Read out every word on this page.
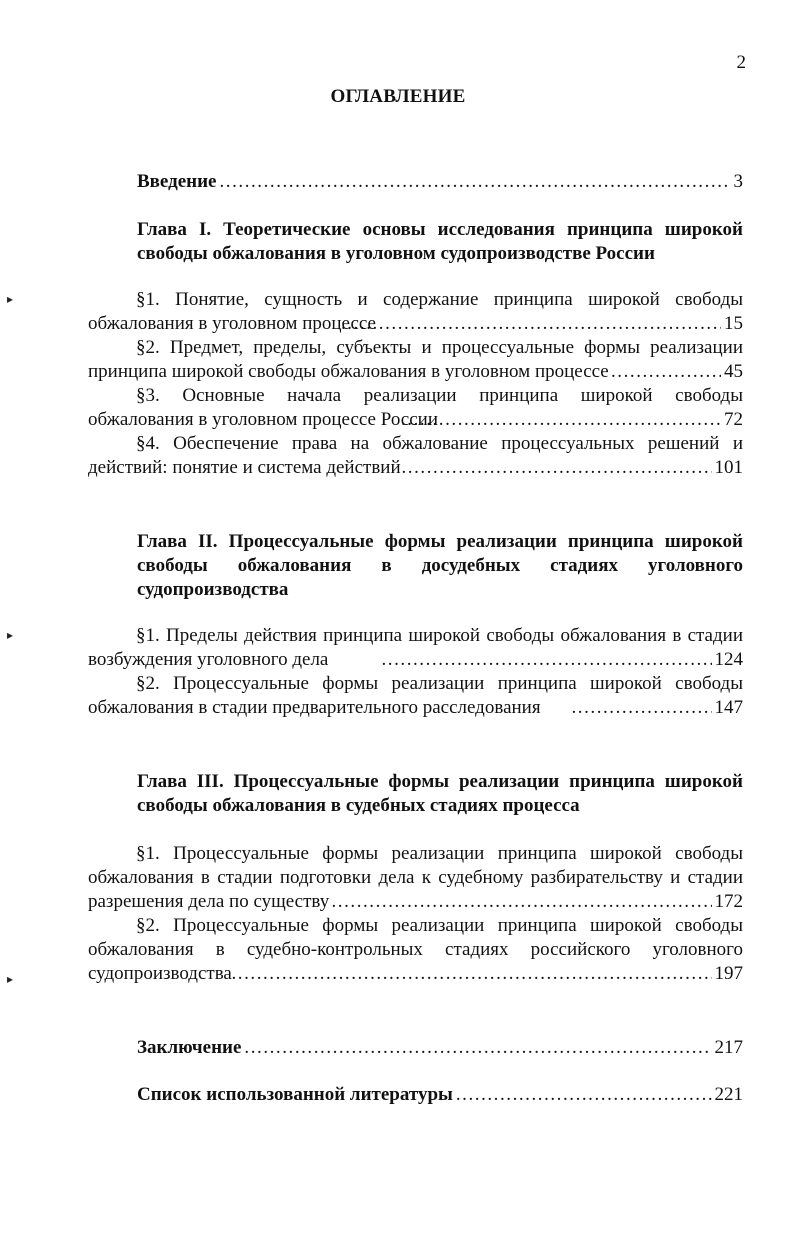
2
ОГЛАВЛЕНИЕ
Введение . . .	3
Глава I. Теоретические основы исследования принципа широкой свободы обжалования в уголовном судопроизводстве России
§1. Понятие, сущность и содержание принципа широкой свободы обжалования в уголовном процессе . . .	15
§2. Предмет, пределы, субъекты и процессуальные формы реализации принципа широкой свободы обжалования в уголовном процессе . . .	45
§3. Основные начала реализации принципа широкой свободы обжалования в уголовном процессе России . . .	72
§4. Обеспечение права на обжалование процессуальных решений и действий: понятие и система действий . . .	101
Глава II. Процессуальные формы реализации принципа широкой свободы обжалования в досудебных стадиях уголовного судопроизводства
§1. Пределы действия принципа широкой свободы обжалования в стадии возбуждения уголовного дела . . .	124
§2. Процессуальные формы реализации принципа широкой свободы обжалования в стадии предварительного расследования . . .	147
Глава III. Процессуальные формы реализации принципа широкой свободы обжалования в судебных стадиях процесса
§1. Процессуальные формы реализации принципа широкой свободы обжалования в стадии подготовки дела к судебному разбирательству и стадии разрешения дела по существу . . .	172
§2. Процессуальные формы реализации принципа широкой свободы обжалования в судебно-контрольных стадиях российского уголовного судопроизводства . . .	197
Заключение . . .	217
Список использованной литературы . . .	221
▸
▸
▸
